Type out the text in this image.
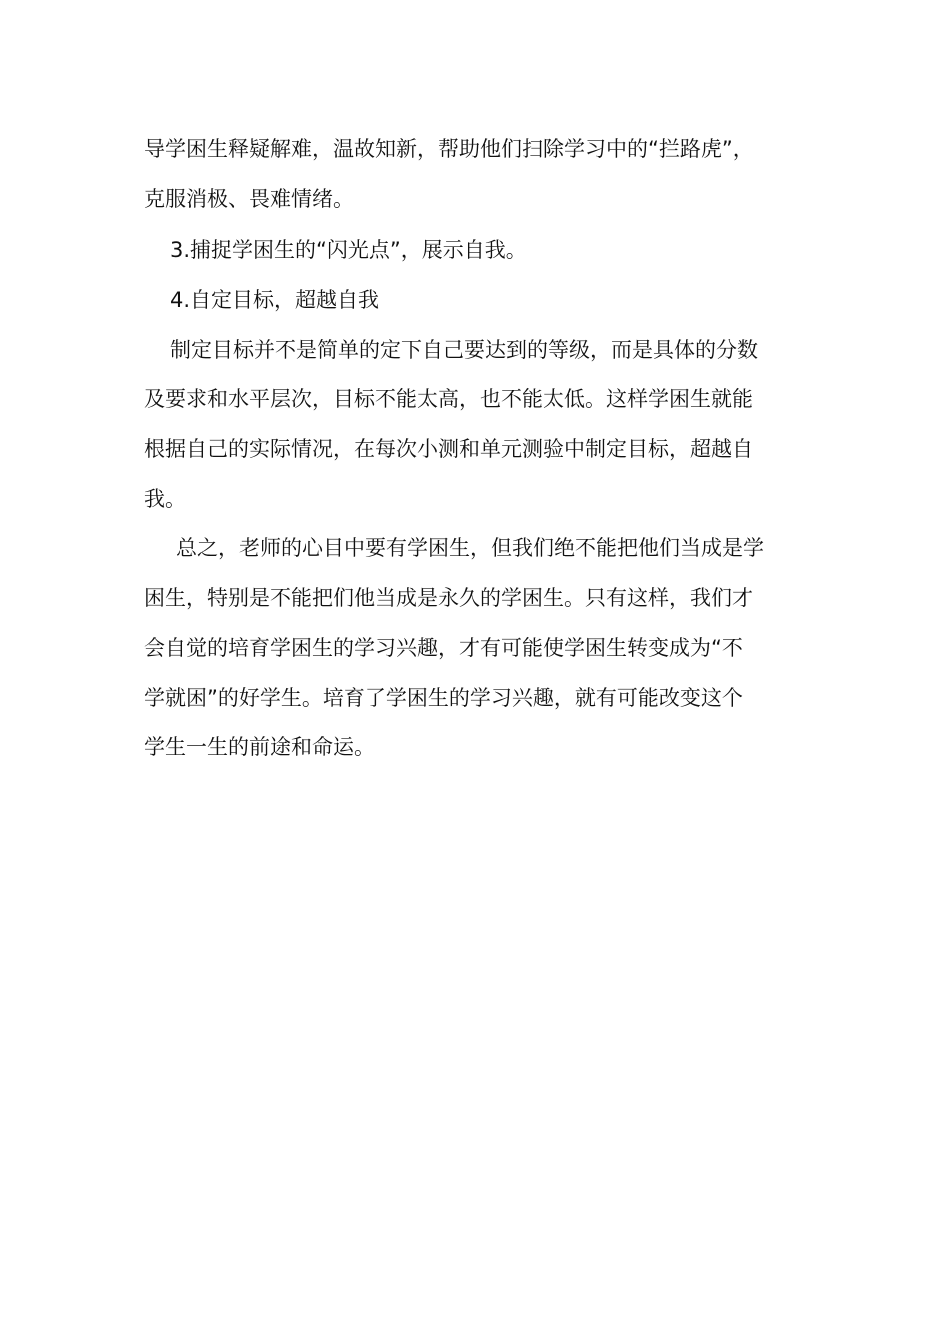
导学困生释疑解难，温故知新，帮助他们扫除学习中的“拦路虎”，

克服消极、畏难情绪。

3.捕捉学困生的“闪光点”，展示自我。

4.自定目标，超越自我

制定目标并不是简单的定下自己要达到的等级，而是具体的分数

及要求和水平层次，目标不能太高，也不能太低。这样学困生就能

根据自己的实际情况，在每次小测和单元测验中制定目标，超越自

我。

总之，老师的心目中要有学困生，但我们绝不能把他们当成是学

困生，特别是不能把们他当成是永久的学困生。只有这样，我们才

会自觉的培育学困生的学习兴趣，才有可能使学困生转变成为“不

学就困”的好学生。培育了学困生的学习兴趣，就有可能改变这个

学生一生的前途和命运。
